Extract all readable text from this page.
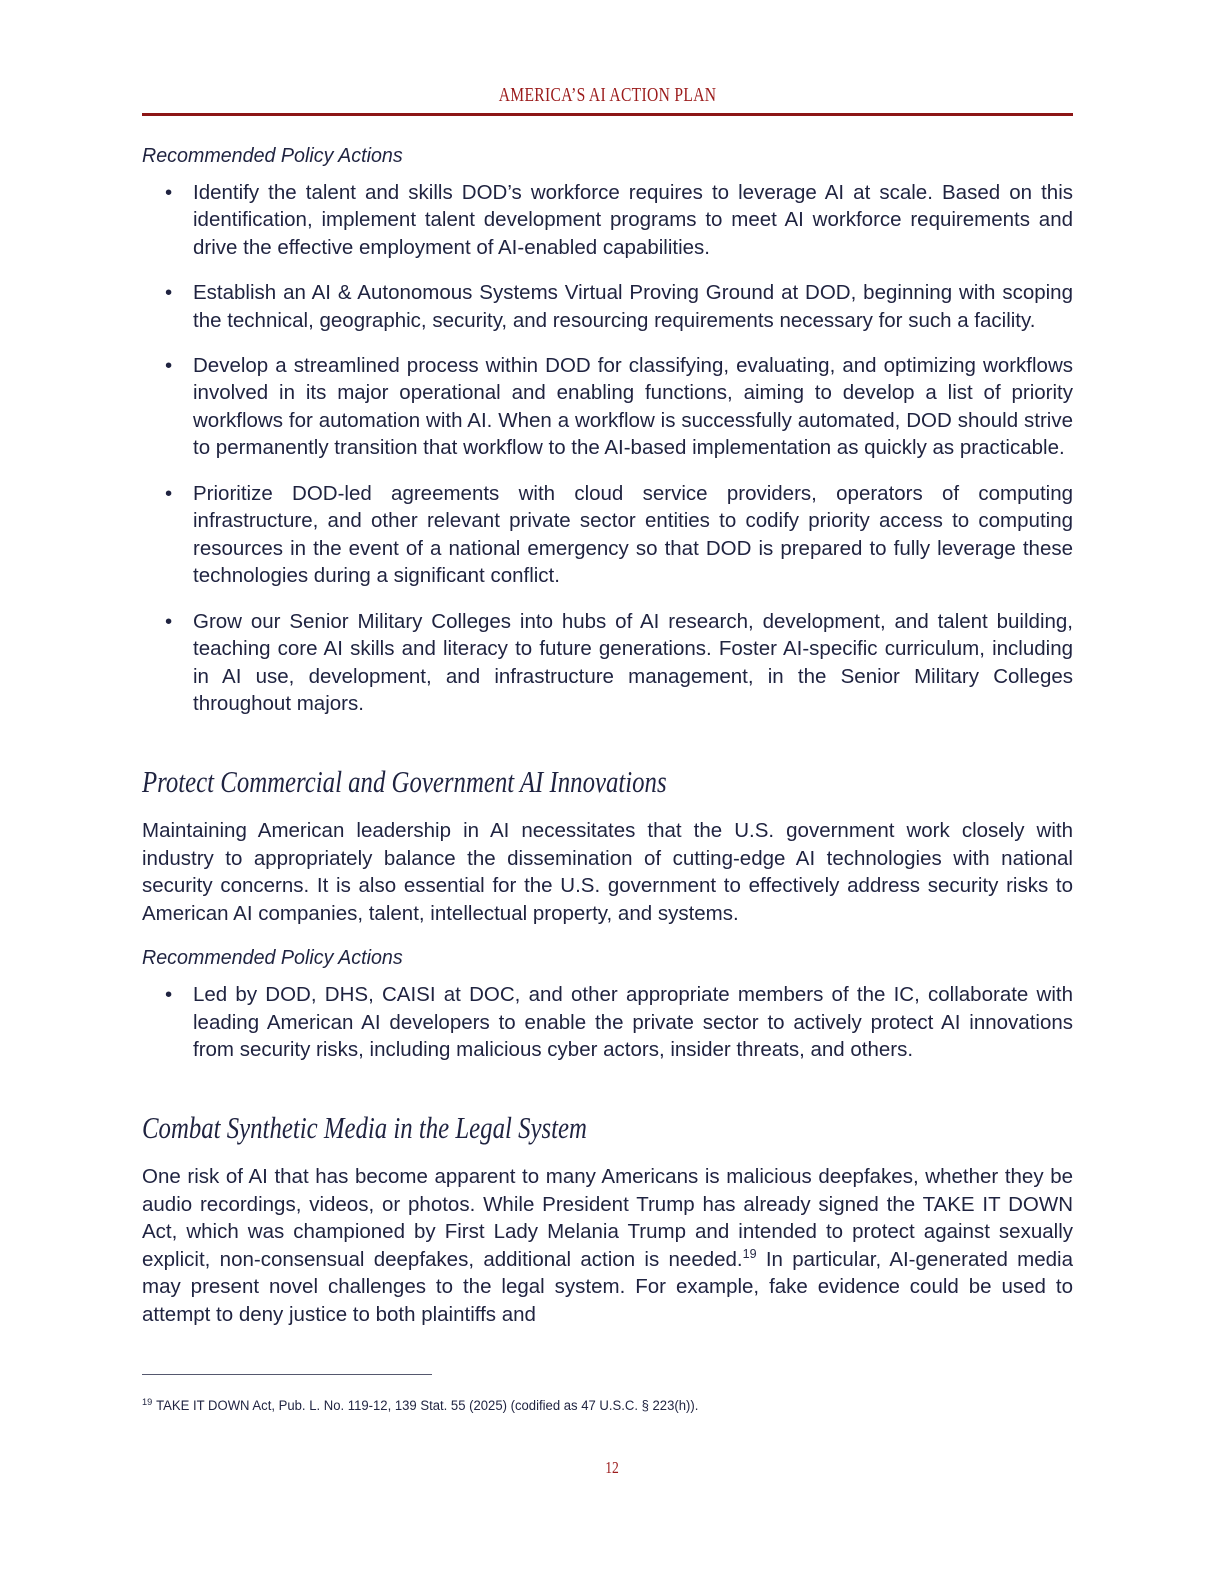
AMERICA’S AI ACTION PLAN

Recommended Policy Actions

• Identify the talent and skills DOD’s workforce requires to leverage AI at scale. Based on this identification, implement talent development programs to meet AI workforce requirements and drive the effective employment of AI-enabled capabilities.
• Establish an AI & Autonomous Systems Virtual Proving Ground at DOD, beginning with scoping the technical, geographic, security, and resourcing requirements necessary for such a facility.
• Develop a streamlined process within DOD for classifying, evaluating, and optimizing workflows involved in its major operational and enabling functions, aiming to develop a list of priority workflows for automation with AI. When a workflow is successfully automated, DOD should strive to permanently transition that workflow to the AI-based implementation as quickly as practicable.
• Prioritize DOD-led agreements with cloud service providers, operators of computing infrastructure, and other relevant private sector entities to codify priority access to computing resources in the event of a national emergency so that DOD is prepared to fully leverage these technologies during a significant conflict.
• Grow our Senior Military Colleges into hubs of AI research, development, and talent building, teaching core AI skills and literacy to future generations. Foster AI-specific curriculum, including in AI use, development, and infrastructure management, in the Senior Military Colleges throughout majors.
Protect Commercial and Government AI Innovations

Maintaining American leadership in AI necessitates that the U.S. government work closely with industry to appropriately balance the dissemination of cutting-edge AI technologies with national security concerns. It is also essential for the U.S. government to effectively address security risks to American AI companies, talent, intellectual property, and systems.

Recommended Policy Actions

• Led by DOD, DHS, CAISI at DOC, and other appropriate members of the IC, collaborate with leading American AI developers to enable the private sector to actively protect AI innovations from security risks, including malicious cyber actors, insider threats, and others.
Combat Synthetic Media in the Legal System

One risk of AI that has become apparent to many Americans is malicious deepfakes, whether they be audio recordings, videos, or photos. While President Trump has already signed the TAKE IT DOWN Act, which was championed by First Lady Melania Trump and intended to protect against sexually explicit, non-consensual deepfakes, additional action is needed.$^{19}$ In particular, AI-generated media may present novel challenges to the legal system. For example, fake evidence could be used to attempt to deny justice to both plaintiffs and

$^{19}$ TAKE IT DOWN Act, Pub. L. No. 119-12, 139 Stat. 55 (2025) (codified as 47 U.S.C. § 223(h)).
12
